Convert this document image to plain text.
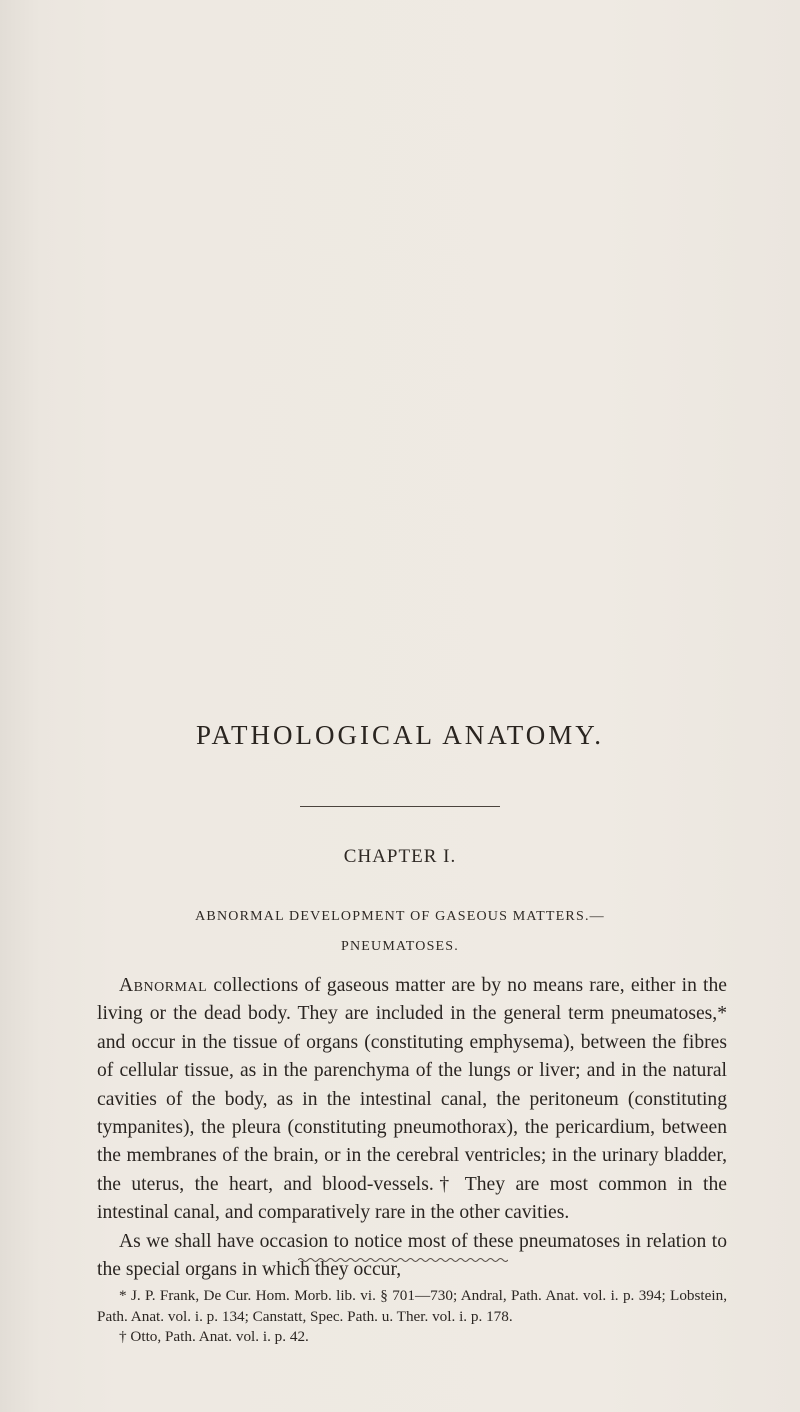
PATHOLOGICAL ANATOMY.
CHAPTER I.
ABNORMAL DEVELOPMENT OF GASEOUS MATTERS.—
PNEUMATOSES.

Abnormal collections of gaseous matter are by no means rare, either in the living or the dead body. They are included in the general term pneumatoses,* and occur in the tissue of organs (constituting emphysema), between the fibres of cellular tissue, as in the parenchyma of the lungs or liver; and in the natural cavities of the body, as in the intestinal canal, the peritoneum (constituting tympanites), the pleura (constituting pneumothorax), the pericardium, between the membranes of the brain, or in the cerebral ventricles; in the urinary bladder, the uterus, the heart, and blood-vessels.† They are most common in the intestinal canal, and comparatively rare in the other cavities.

As we shall have occasion to notice most of these pneumatoses in relation to the special organs in which they occur,

* J. P. Frank, De Cur. Hom. Morb. lib. vi. § 701—730; Andral, Path. Anat. vol. i. p. 394; Lobstein, Path. Anat. vol. i. p. 134; Canstatt, Spec. Path. u. Ther. vol. i. p. 178.

† Otto, Path. Anat. vol. i. p. 42.
